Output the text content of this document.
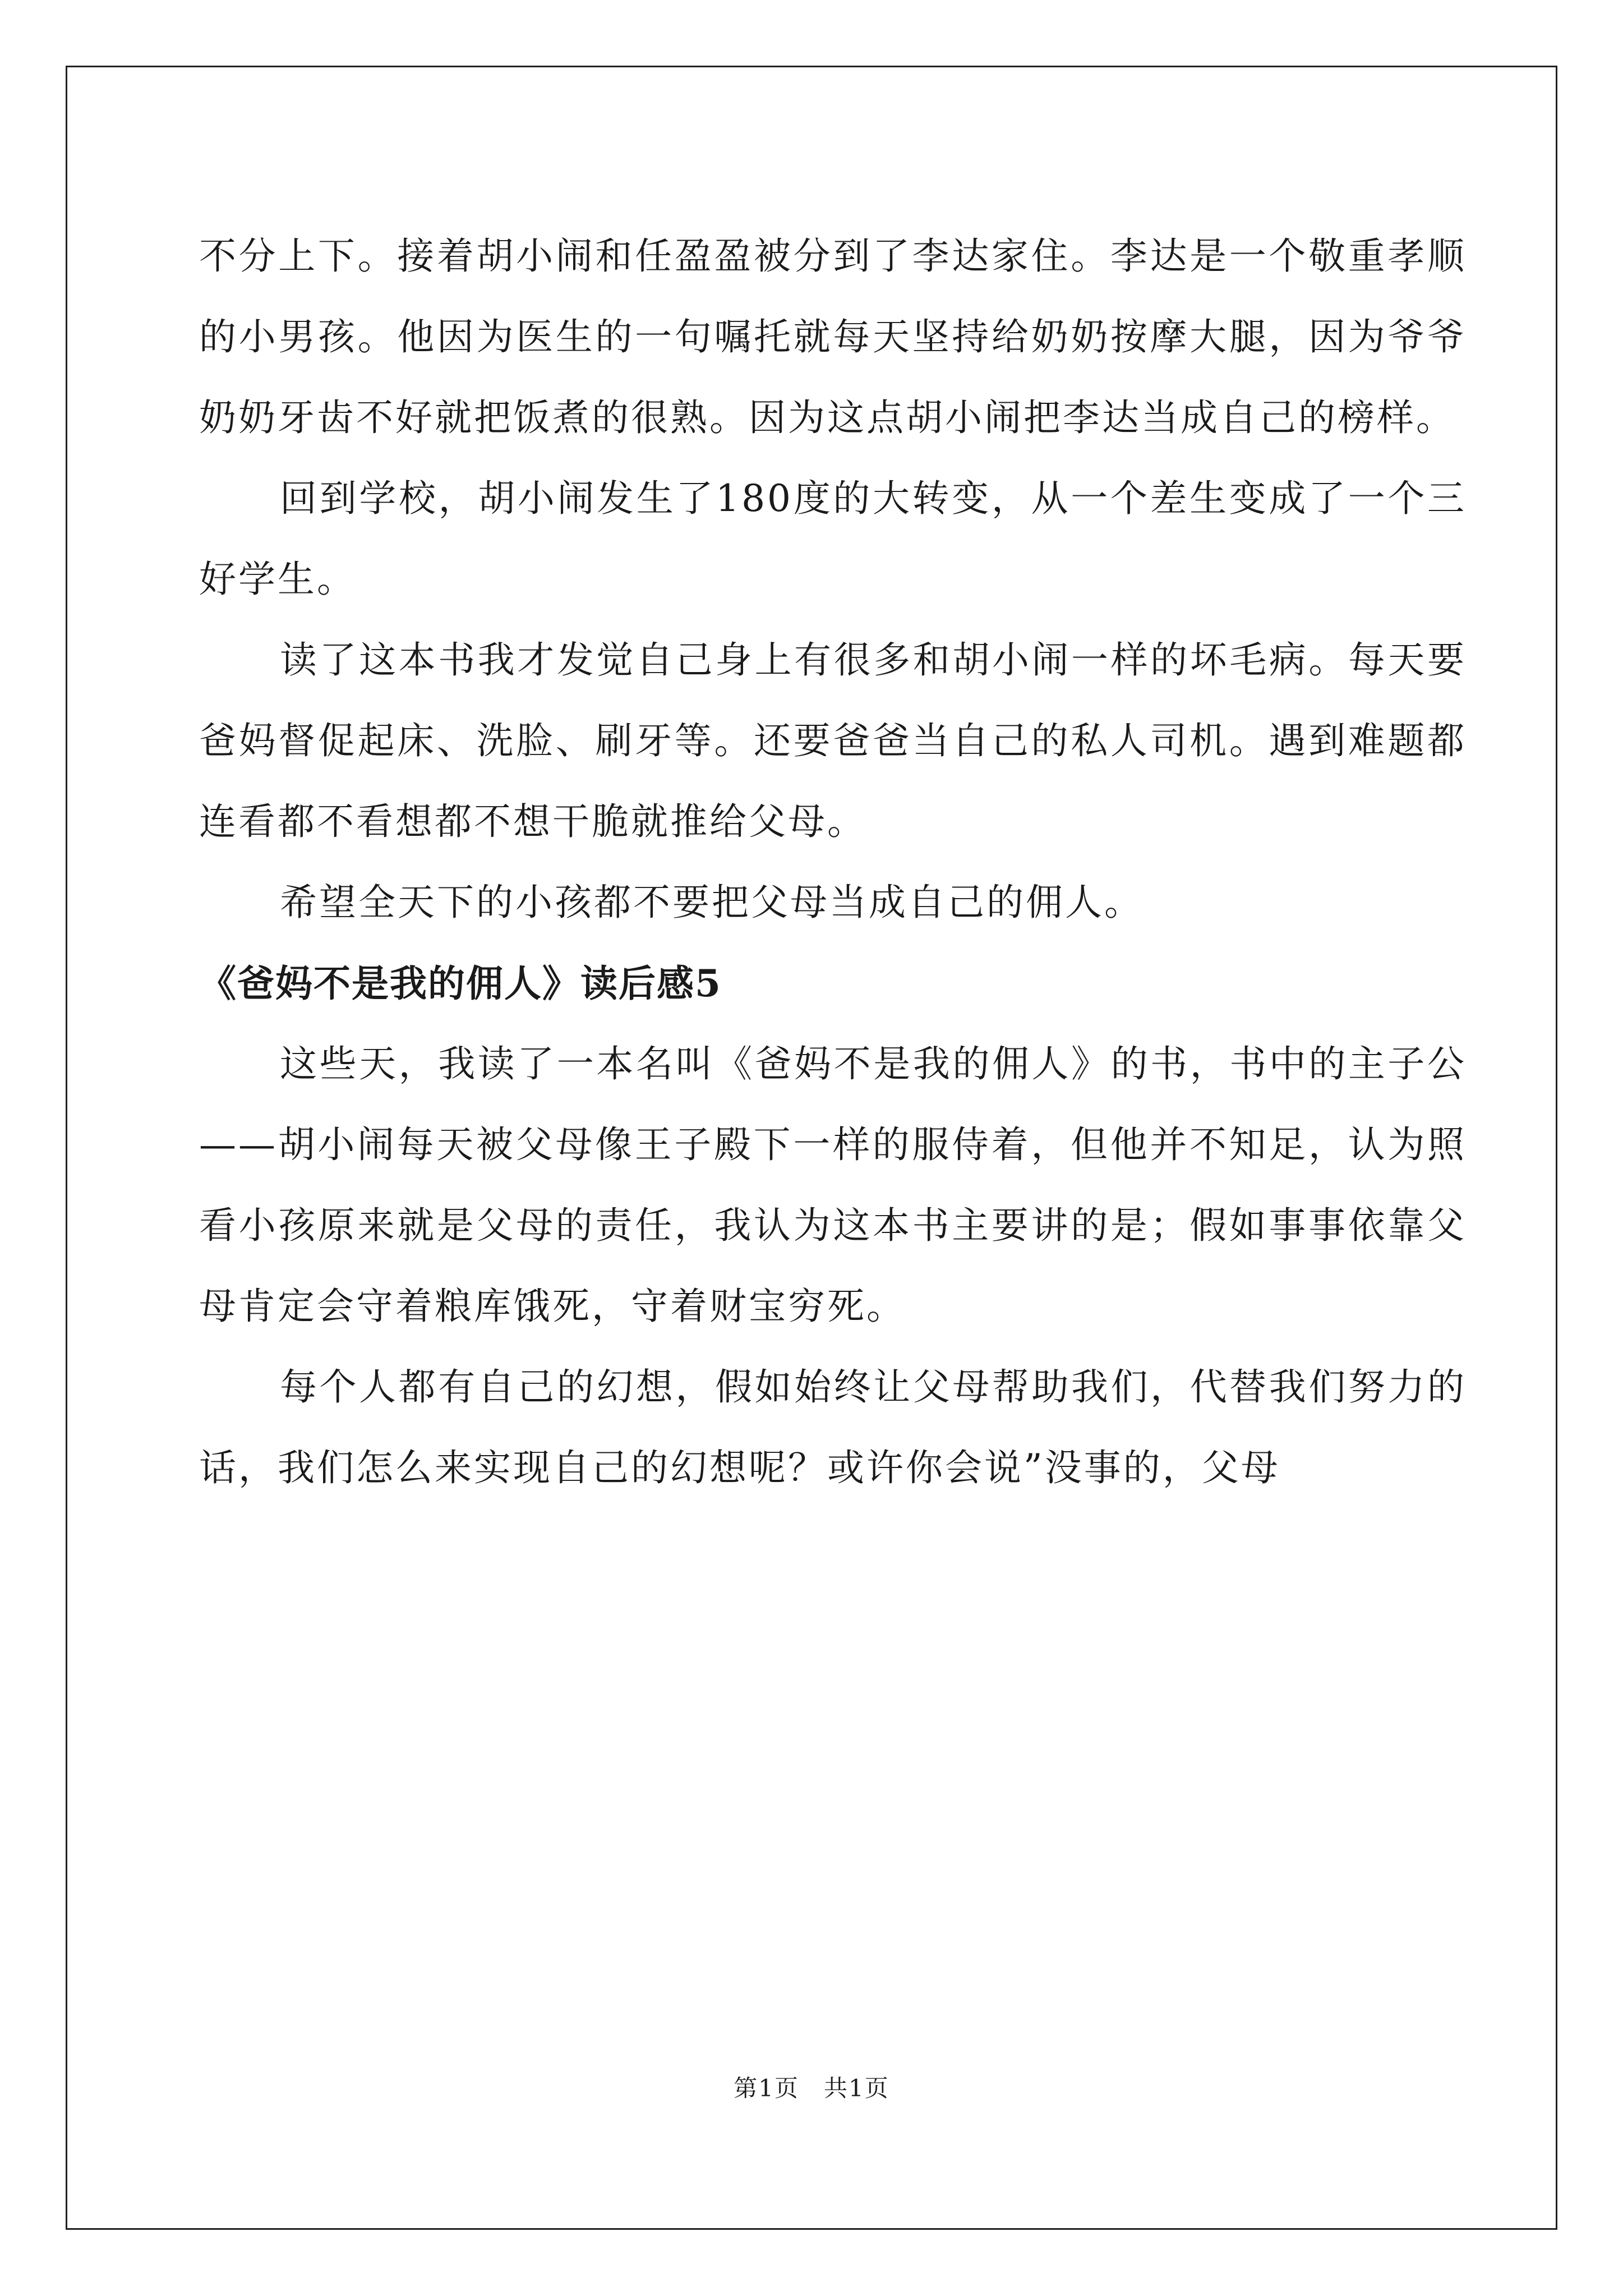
不分上下。接着胡小闹和任盈盈被分到了李达家住。李达是一个敬重孝顺的小男孩。他因为医生的一句嘱托就每天坚持给奶奶按摩大腿，因为爷爷奶奶牙齿不好就把饭煮的很熟。因为这点胡小闹把李达当成自己的榜样。

回到学校，胡小闹发生了180度的大转变，从一个差生变成了一个三好学生。

读了这本书我才发觉自己身上有很多和胡小闹一样的坏毛病。每天要爸妈督促起床、洗脸、刷牙等。还要爸爸当自己的私人司机。遇到难题都连看都不看想都不想干脆就推给父母。

希望全天下的小孩都不要把父母当成自己的佣人。

《爸妈不是我的佣人》读后感5

这些天，我读了一本名叫《爸妈不是我的佣人》的书，书中的主子公——胡小闹每天被父母像王子殿下一样的服侍着，但他并不知足，认为照看小孩原来就是父母的责任，我认为这本书主要讲的是；假如事事依靠父母肯定会守着粮库饿死，守着财宝穷死。

每个人都有自己的幻想，假如始终让父母帮助我们，代替我们努力的话，我们怎么来实现自己的幻想呢？或许你会说”没事的，父母

第1页　共1页
